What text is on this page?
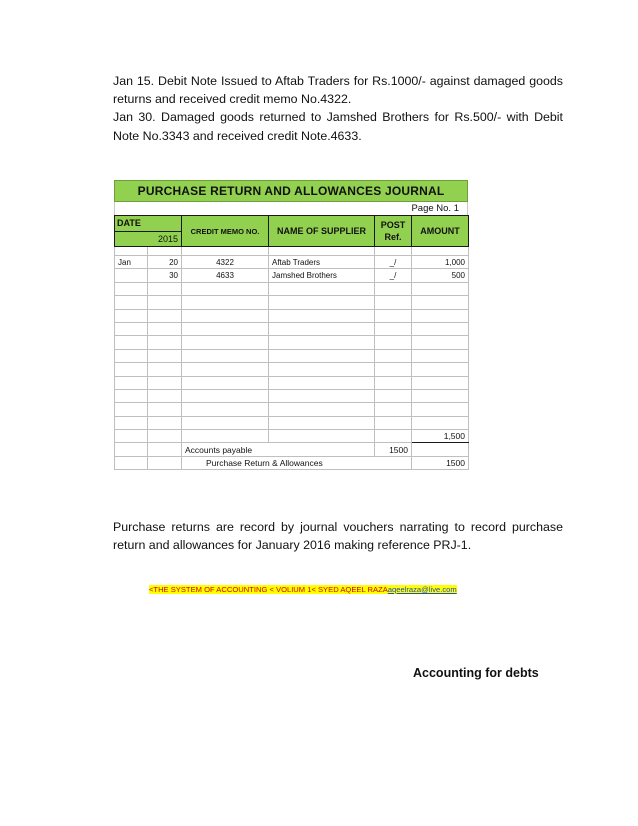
Jan 15. Debit Note Issued to Aftab Traders for Rs.1000/- against damaged goods returns and received credit memo No.4322.

Jan 30. Damaged goods returned to Jamshed Brothers for Rs.500/- with Debit Note No.3343 and received credit Note.4633.

PURCHASE RETURN AND ALLOWANCES JOURNAL
Page No. 1
DATE
2015		CREDIT MEMO NO.	NAME OF SUPPLIER	POST Ref.	AMOUNT

Jan	20	4322	Aftab Traders	_/	1,000
	30	4633	Jamshed Brothers	_/	500

					1,500
		Accounts payable		1500	
		Purchase Return & Allowances			1500
Purchase returns are record by journal vouchers narrating to record purchase return and allowances for January 2016 making reference PRJ-1.
<THE SYSTEM OF ACCOUNTING < VOLIUM 1< SYED AQEEL RAZAaqeelraza@live.com
Accounting for debts
